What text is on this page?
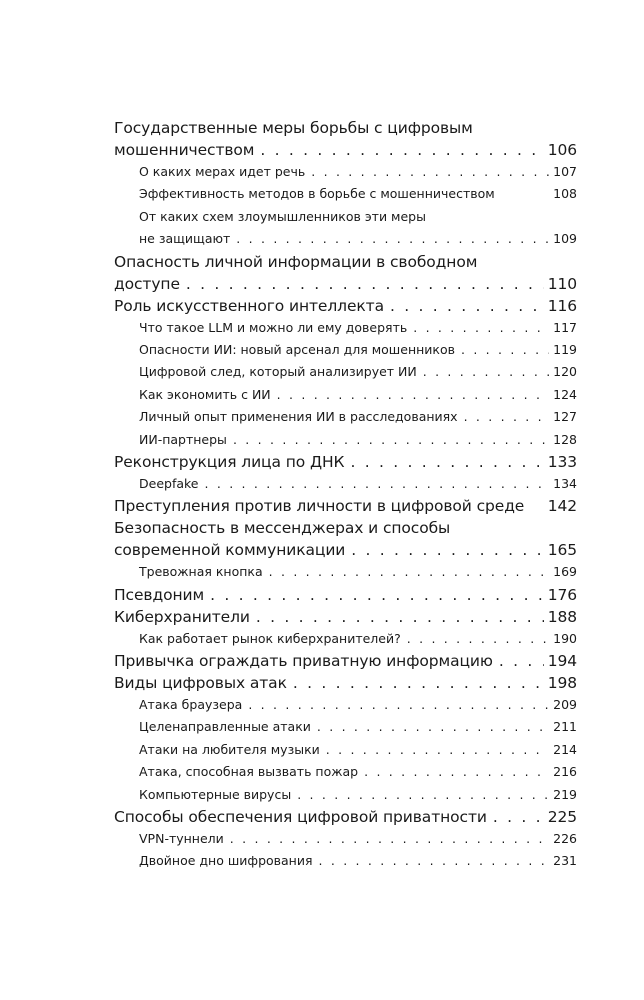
Государственные меры борьбы с цифровым
мошенничеством . . .	106
О каких мерах идет речь . . .	107
Эффективность методов в борьбе с мошенничеством	108
От каких схем злоумышленников эти меры
не защищают . . .	109
Опасность личной информации в свободном
доступе . . .	110
Роль искусственного интеллекта . . .	116
Что такое LLM и можно ли ему доверять . . .	117
Опасности ИИ: новый арсенал для мошенников . . .	119
Цифровой след, который анализирует ИИ . . .	120
Как экономить с ИИ . . .	124
Личный опыт применения ИИ в расследованиях . . .	127
ИИ-партнеры . . .	128
Реконструкция лица по ДНК . . .	133
Deepfake . . .	134
Преступления против личности в цифровой среде 142
Безопасность в мессенджерах и способы
современной коммуникации . . .	165
Тревожная кнопка . . .	169
Псевдоним . . .	176
Киберхранители . . .	188
Как работает рынок киберхранителей? . . .	190
Привычка ограждать приватную информацию . . .	194
Виды цифровых атак . . .	198
Атака браузера . . .	209
Целенаправленные атаки . . .	211
Атаки на любителя музыки . . .	214
Атака, способная вызвать пожар . . .	216
Компьютерные вирусы . . .	219
Способы обеспечения цифровой приватности . . .	225
VPN-туннели . . .	226
Двойное дно шифрования . . .	231
